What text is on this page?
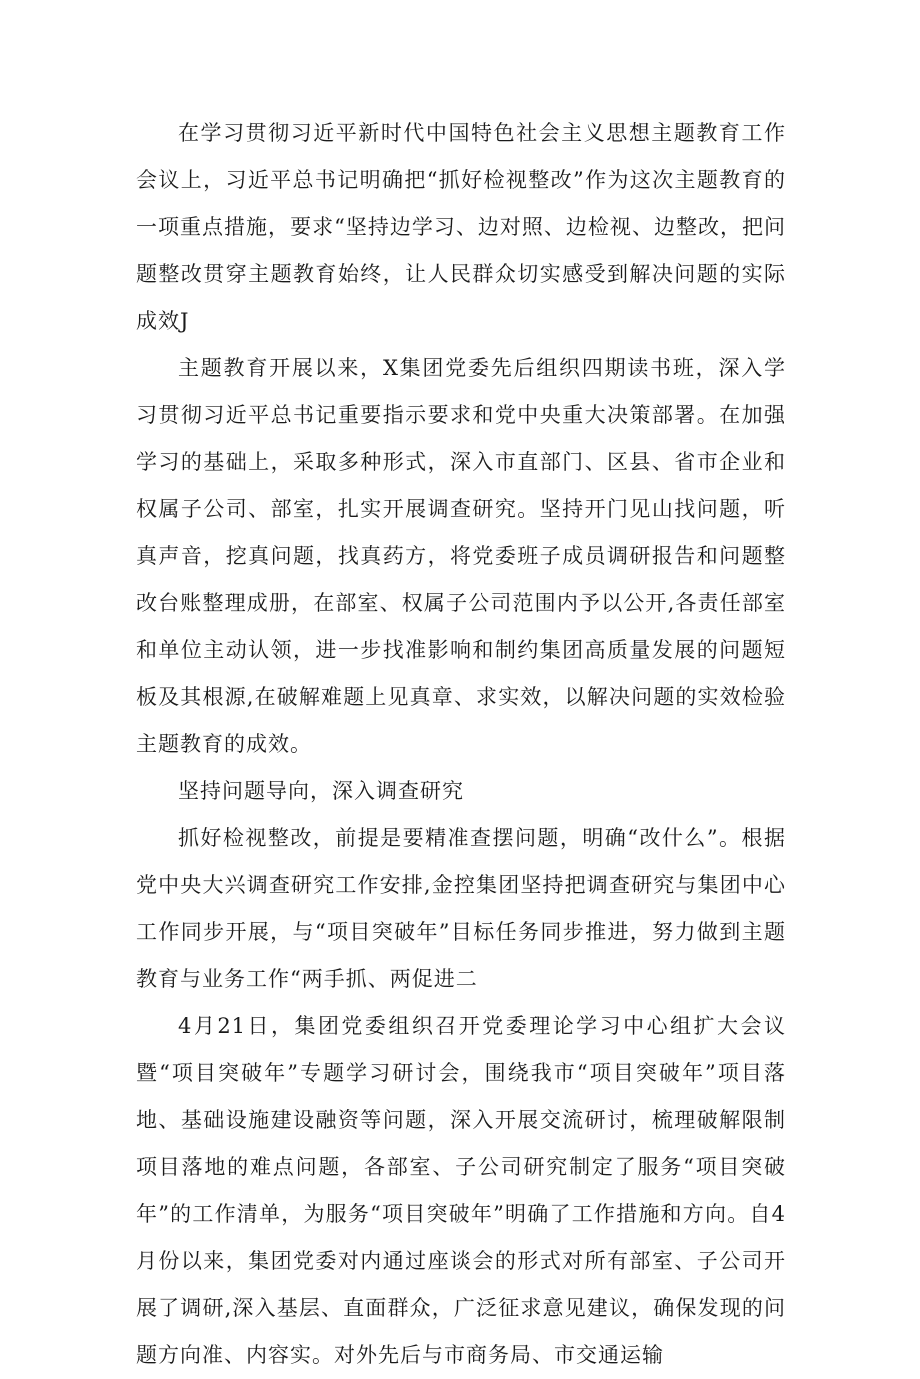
在学习贯彻习近平新时代中国特色社会主义思想主题教育工作会议上，习近平总书记明确把“抓好检视整改”作为这次主题教育的一项重点措施，要求“坚持边学习、边对照、边检视、边整改，把问题整改贯穿主题教育始终，让人民群众切实感受到解决问题的实际成效J

主题教育开展以来，X集团党委先后组织四期读书班，深入学习贯彻习近平总书记重要指示要求和党中央重大决策部署。在加强学习的基础上，采取多种形式，深入市直部门、区县、省市企业和权属子公司、部室，扎实开展调查研究。坚持开门见山找问题，听真声音，挖真问题，找真药方，将党委班子成员调研报告和问题整改台账整理成册，在部室、权属子公司范围内予以公开,各责任部室和单位主动认领，进一步找准影响和制约集团高质量发展的问题短板及其根源,在破解难题上见真章、求实效，以解决问题的实效检验主题教育的成效。

坚持问题导向，深入调查研究

抓好检视整改，前提是要精准查摆问题，明确“改什么”。根据党中央大兴调查研究工作安排,金控集团坚持把调查研究与集团中心工作同步开展，与“项目突破年”目标任务同步推进，努力做到主题教育与业务工作“两手抓、两促进二

4月21日，集团党委组织召开党委理论学习中心组扩大会议暨“项目突破年”专题学习研讨会，围绕我市“项目突破年”项目落地、基础设施建设融资等问题，深入开展交流研讨，梳理破解限制项目落地的难点问题，各部室、子公司研究制定了服务“项目突破年”的工作清单，为服务“项目突破年”明确了工作措施和方向。自4月份以来，集团党委对内通过座谈会的形式对所有部室、子公司开展了调研,深入基层、直面群众，广泛征求意见建议，确保发现的问题方向准、内容实。对外先后与市商务局、市交通运输
